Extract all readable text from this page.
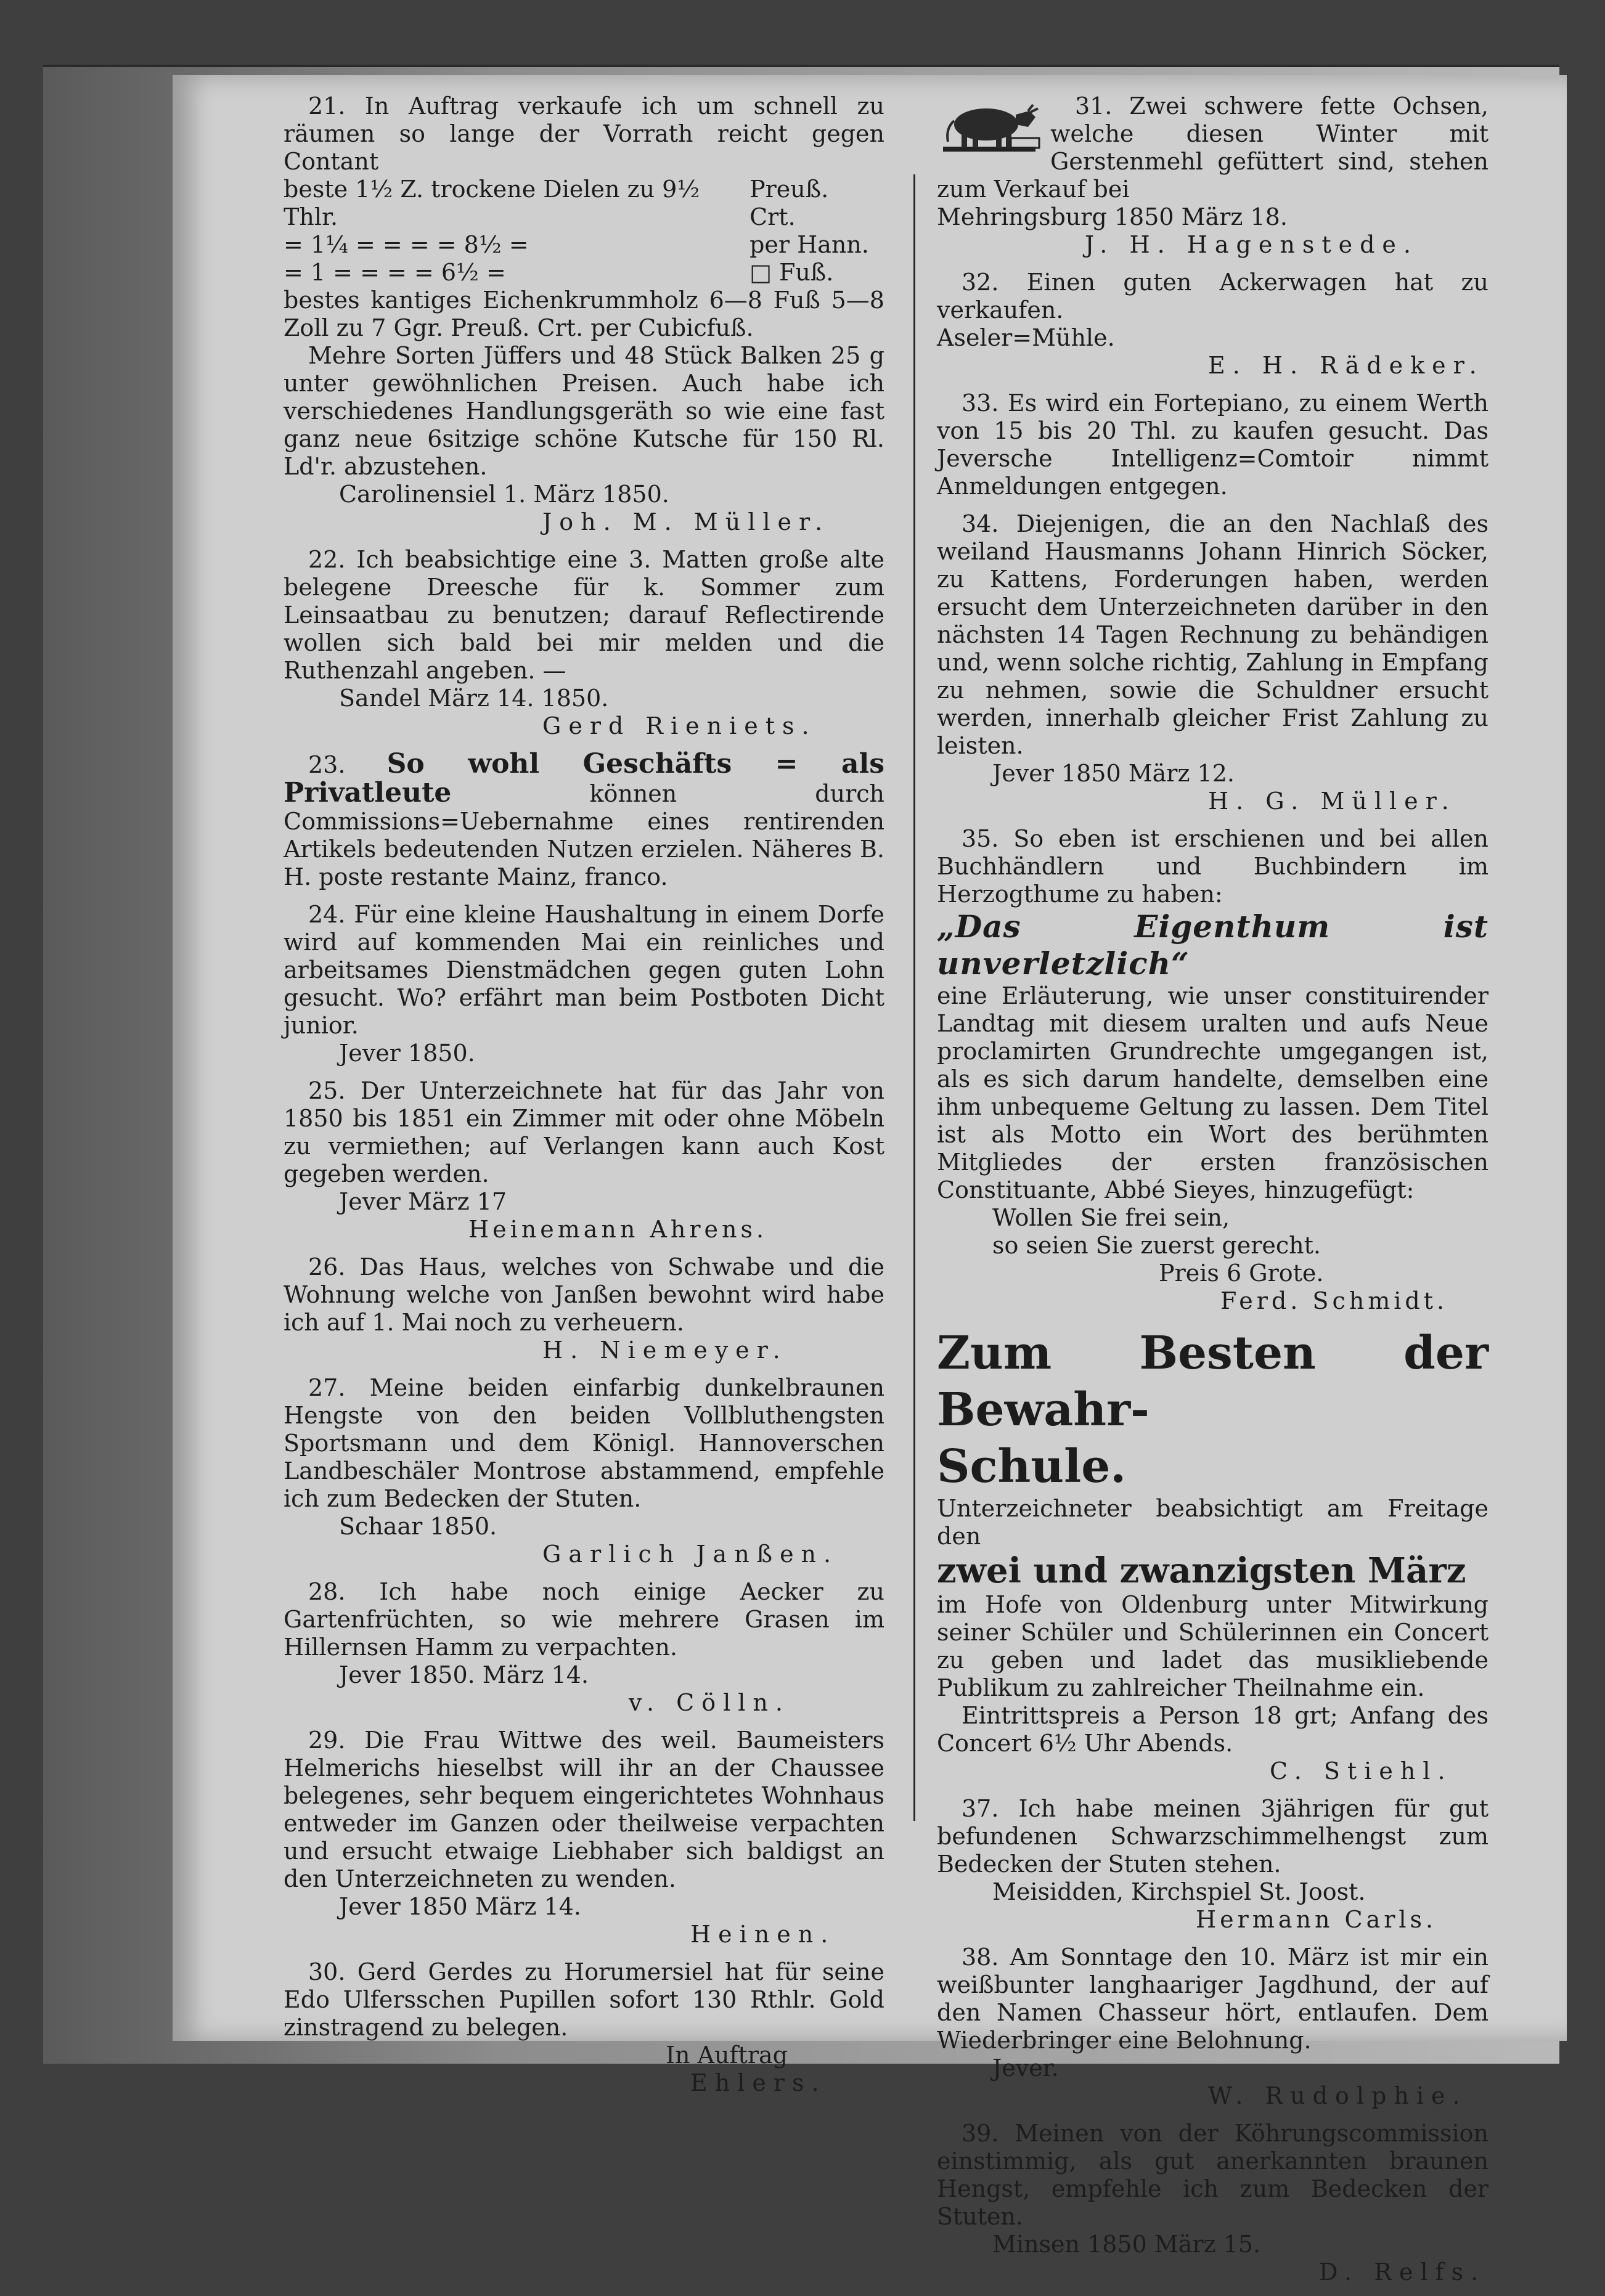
21. In Auftrag verkaufe ich um schnell zu räumen so lange der Vorrath reicht gegen Contant

beste 1½ Z. trockene Dielen zu 9½ Thlr.	Preuß. Crt.
= 1¼ = = = = 8½ =	per Hann.
= 1 = = = = 6½ =	□ Fuß.

bestes kantiges Eichenkrummholz 6—8 Fuß 5—8 Zoll zu 7 Ggr. Preuß. Crt. per Cubicfuß.

Mehre Sorten Jüffers und 48 Stück Balken 25 g unter gewöhnlichen Preisen. Auch habe ich verschiedenes Handlungsgeräth so wie eine fast ganz neue 6sitzige schöne Kutsche für 150 Rl. Ld'r. abzustehen.

Carolinensiel 1. März 1850.

Joh. M. Müller.

22. Ich beabsichtige eine 3. Matten große alte belegene Dreesche für k. Sommer zum Leinsaatbau zu benutzen; darauf Reflectirende wollen sich bald bei mir melden und die Ruthenzahl angeben. —

Sandel März 14. 1850.

Gerd Rieniets.

23. So wohl Geschäfts = als Privatleute	können durch Commissions=Uebernahme eines rentirenden Artikels bedeutenden Nutzen erzielen. Näheres B. H. poste restante Mainz, franco.

24. Für eine kleine Haushaltung in einem Dorfe wird auf kommenden Mai ein reinliches und arbeitsames Dienstmädchen gegen guten Lohn gesucht. Wo? erfährt man beim Postboten Dicht junior.

Jever 1850.

25. Der Unterzeichnete hat für das Jahr von 1850 bis 1851 ein Zimmer mit oder ohne Möbeln zu vermiethen; auf Verlangen kann auch Kost gegeben werden.

Jever März 17

Heinemann Ahrens.

26. Das Haus, welches von Schwabe und die Wohnung welche von Janßen bewohnt wird habe ich auf 1. Mai noch zu verheuern.

H. Niemeyer.

27. Meine beiden einfarbig dunkelbraunen Hengste von den beiden Vollbluthengsten Sportsmann und dem Königl. Hannoverschen Landbeschäler Montrose abstammend, empfehle ich zum Bedecken der Stuten.

Schaar 1850.

Garlich Janßen.

28. Ich habe noch einige Aecker zu Gartenfrüchten, so wie mehrere Grasen im Hillernsen Hamm zu verpachten.

Jever 1850. März 14.

v. Cölln.

29. Die Frau Wittwe des weil. Baumeisters Helmerichs hieselbst will ihr an der Chaussee belegenes, sehr bequem eingerichtetes Wohnhaus entweder im Ganzen oder theilweise verpachten und ersucht etwaige Liebhaber sich baldigst an den Unterzeichneten zu wenden.

Jever 1850 März 14.

Heinen.

30. Gerd Gerdes zu Horumersiel hat für seine Edo Ulfersschen Pupillen sofort 130 Rthlr. Gold zinstragend zu belegen.

In Auftrag

Ehlers.

31. Zwei schwere fette Ochsen, welche diesen Winter mit Gerstenmehl gefüttert sind, stehen zum Verkauf bei

Mehringsburg 1850 März 18.

J. H. Hagenstede.

32. Einen guten Ackerwagen hat zu verkaufen.

Aseler=Mühle.

E. H. Rädeker.

33. Es wird ein Fortepiano, zu einem Werth von 15 bis 20 Thl. zu kaufen gesucht. Das Jeversche Intelligenz=Comtoir nimmt Anmeldungen entgegen.

34. Diejenigen, die an den Nachlaß des weiland Hausmanns Johann Hinrich Söcker, zu Kattens, Forderungen haben, werden ersucht dem Unterzeichneten darüber in den nächsten 14 Tagen Rechnung zu behändigen und, wenn solche richtig, Zahlung in Empfang zu nehmen, sowie die Schuldner ersucht werden, innerhalb gleicher Frist Zahlung zu leisten.

Jever 1850 März 12.

H. G. Müller.

35. So eben ist erschienen und bei allen Buchhändlern und Buchbindern im Herzogthume zu haben:

„Das Eigenthum ist unverletzlich“

eine Erläuterung, wie unser constituirender Landtag mit diesem uralten und aufs Neue proclamirten Grundrechte umgegangen ist, als es sich darum handelte, demselben eine ihm unbequeme Geltung zu lassen. Dem Titel ist als Motto ein Wort des berühmten Mitgliedes der ersten französischen Constituante, Abbé Sieyes, hinzugefügt:

Wollen Sie frei sein,

so seien Sie zuerst gerecht.

Preis 6 Grote.

Ferd. Schmidt.

Zum Besten der Bewahr-

Schule.

Unterzeichneter beabsichtigt am Freitage den

zwei und zwanzigsten März

im Hofe von Oldenburg unter Mitwirkung seiner Schüler und Schülerinnen ein Concert zu geben und ladet das musikliebende Publikum zu zahlreicher Theilnahme ein.

Eintrittspreis a Person 18 grt; Anfang des Concert 6½ Uhr Abends.

C. Stiehl.

37. Ich habe meinen 3jährigen für gut befundenen Schwarzschimmelhengst zum Bedecken der Stuten stehen.

Meisidden, Kirchspiel St. Joost.

Hermann Carls.

38. Am Sonntage den 10. März ist mir ein weißbunter langhaariger Jagdhund, der auf den Namen Chasseur hört, entlaufen. Dem Wiederbringer eine Belohnung.

Jever.

W. Rudolphie.

39. Meinen von der Köhrungscommission einstimmig, als gut anerkannten braunen Hengst, empfehle ich zum Bedecken der Stuten.

Minsen 1850 März 15.

D. Relfs.
